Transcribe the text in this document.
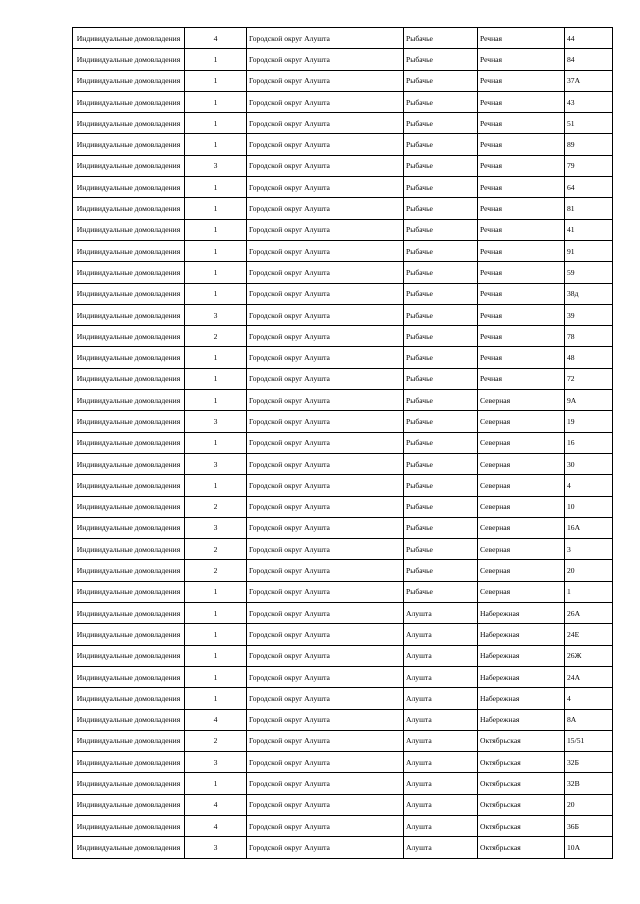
Индивидуальные домовладения	4	Городской округ Алушта	Рыбачье	Речная	44
Индивидуальные домовладения	1	Городской округ Алушта	Рыбачье	Речная	84
Индивидуальные домовладения	1	Городской округ Алушта	Рыбачье	Речная	37А
Индивидуальные домовладения	1	Городской округ Алушта	Рыбачье	Речная	43
Индивидуальные домовладения	1	Городской округ Алушта	Рыбачье	Речная	51
Индивидуальные домовладения	1	Городской округ Алушта	Рыбачье	Речная	89
Индивидуальные домовладения	3	Городской округ Алушта	Рыбачье	Речная	79
Индивидуальные домовладения	1	Городской округ Алушта	Рыбачье	Речная	64
Индивидуальные домовладения	1	Городской округ Алушта	Рыбачье	Речная	81
Индивидуальные домовладения	1	Городской округ Алушта	Рыбачье	Речная	41
Индивидуальные домовладения	1	Городской округ Алушта	Рыбачье	Речная	91
Индивидуальные домовладения	1	Городской округ Алушта	Рыбачье	Речная	59
Индивидуальные домовладения	1	Городской округ Алушта	Рыбачье	Речная	38д
Индивидуальные домовладения	3	Городской округ Алушта	Рыбачье	Речная	39
Индивидуальные домовладения	2	Городской округ Алушта	Рыбачье	Речная	78
Индивидуальные домовладения	1	Городской округ Алушта	Рыбачье	Речная	48
Индивидуальные домовладения	1	Городской округ Алушта	Рыбачье	Речная	72
Индивидуальные домовладения	1	Городской округ Алушта	Рыбачье	Северная	9А
Индивидуальные домовладения	3	Городской округ Алушта	Рыбачье	Северная	19
Индивидуальные домовладения	1	Городской округ Алушта	Рыбачье	Северная	16
Индивидуальные домовладения	3	Городской округ Алушта	Рыбачье	Северная	30
Индивидуальные домовладения	1	Городской округ Алушта	Рыбачье	Северная	4
Индивидуальные домовладения	2	Городской округ Алушта	Рыбачье	Северная	10
Индивидуальные домовладения	3	Городской округ Алушта	Рыбачье	Северная	16А
Индивидуальные домовладения	2	Городской округ Алушта	Рыбачье	Северная	3
Индивидуальные домовладения	2	Городской округ Алушта	Рыбачье	Северная	20
Индивидуальные домовладения	1	Городской округ Алушта	Рыбачье	Северная	1
Индивидуальные домовладения	1	Городской округ Алушта	Алушта	Набережная	26А
Индивидуальные домовладения	1	Городской округ Алушта	Алушта	Набережная	24Е
Индивидуальные домовладения	1	Городской округ Алушта	Алушта	Набережная	26Ж
Индивидуальные домовладения	1	Городской округ Алушта	Алушта	Набережная	24А
Индивидуальные домовладения	1	Городской округ Алушта	Алушта	Набережная	4
Индивидуальные домовладения	4	Городской округ Алушта	Алушта	Набережная	8А
Индивидуальные домовладения	2	Городской округ Алушта	Алушта	Октябрьская	15/51
Индивидуальные домовладения	3	Городской округ Алушта	Алушта	Октябрьская	32Б
Индивидуальные домовладения	1	Городской округ Алушта	Алушта	Октябрьская	32В
Индивидуальные домовладения	4	Городской округ Алушта	Алушта	Октябрьская	20
Индивидуальные домовладения	4	Городской округ Алушта	Алушта	Октябрьская	36Б
Индивидуальные домовладения	3	Городской округ Алушта	Алушта	Октябрьская	10А
